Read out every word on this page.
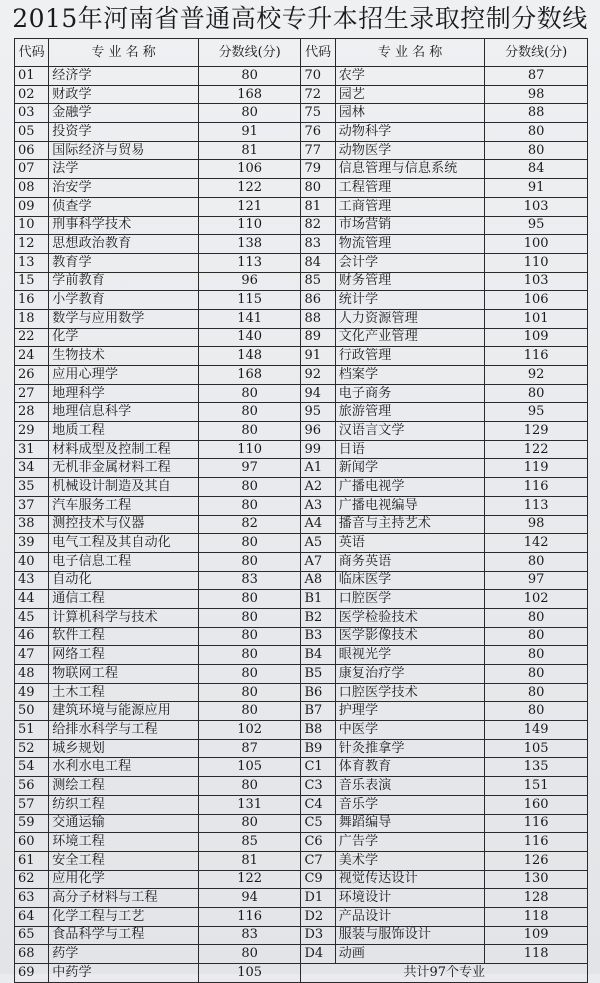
2015年河南省普通高校专升本招生录取控制分数线
代码	专 业 名 称	分数线(分)	代码	专 业 名 称	分数线(分)
01	经济学	80	70	农学	87
02	财政学	168	72	园艺	98
03	金融学	80	75	园林	88
05	投资学	91	76	动物科学	80
06	国际经济与贸易	81	77	动物医学	80
07	法学	106	79	信息管理与信息系统	84
08	治安学	122	80	工程管理	91
09	侦查学	121	81	工商管理	103
10	刑事科学技术	110	82	市场营销	95
12	思想政治教育	138	83	物流管理	100
13	教育学	113	84	会计学	110
15	学前教育	96	85	财务管理	103
16	小学教育	115	86	统计学	106
18	数学与应用数学	141	88	人力资源管理	101
22	化学	140	89	文化产业管理	109
24	生物技术	148	91	行政管理	116
26	应用心理学	168	92	档案学	92
27	地理科学	80	94	电子商务	80
28	地理信息科学	80	95	旅游管理	95
29	地质工程	80	96	汉语言文学	129
31	材料成型及控制工程	110	99	日语	122
34	无机非金属材料工程	97	A1	新闻学	119
35	机械设计制造及其自	80	A2	广播电视学	116
37	汽车服务工程	80	A3	广播电视编导	113
38	测控技术与仪器	82	A4	播音与主持艺术	98
39	电气工程及其自动化	80	A5	英语	142
40	电子信息工程	80	A7	商务英语	80
43	自动化	83	A8	临床医学	97
44	通信工程	80	B1	口腔医学	102
45	计算机科学与技术	80	B2	医学检验技术	80
46	软件工程	80	B3	医学影像技术	80
47	网络工程	80	B4	眼视光学	80
48	物联网工程	80	B5	康复治疗学	80
49	土木工程	80	B6	口腔医学技术	80
50	建筑环境与能源应用	80	B7	护理学	80
51	给排水科学与工程	102	B8	中医学	149
52	城乡规划	87	B9	针灸推拿学	105
54	水利水电工程	105	C1	体育教育	135
56	测绘工程	80	C3	音乐表演	151
57	纺织工程	131	C4	音乐学	160
59	交通运输	80	C5	舞蹈编导	116
60	环境工程	85	C6	广告学	116
61	安全工程	81	C7	美术学	126
62	应用化学	122	C9	视觉传达设计	130
63	高分子材料与工程	94	D1	环境设计	128
64	化学工程与工艺	116	D2	产品设计	118
65	食品科学与工程	83	D3	服装与服饰设计	109
68	药学	80	D4	动画	118
69	中药学	105	共计97个专业		
